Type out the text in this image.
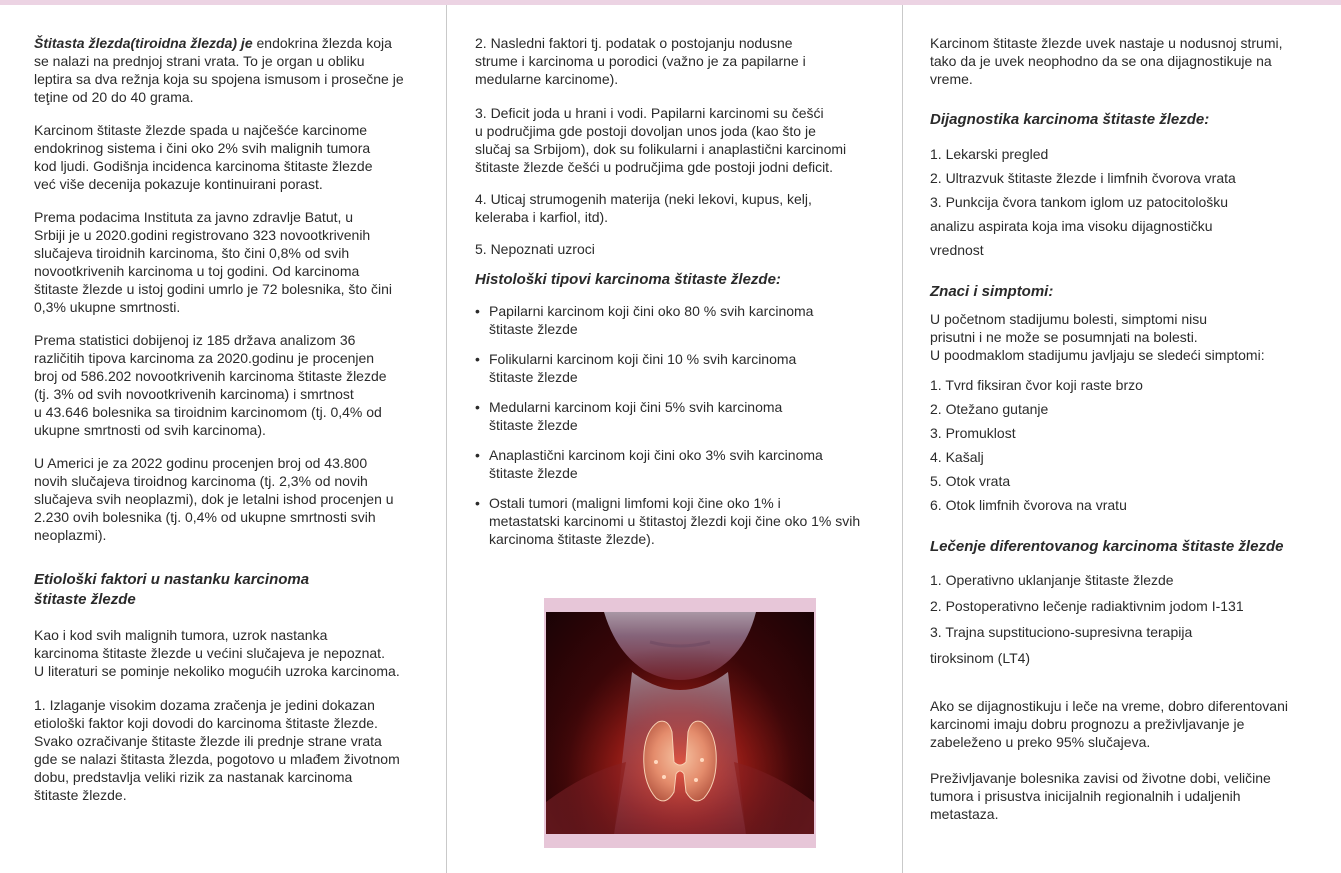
Štitasta žlezda(tiroidna žlezda) je endokrina žlezda koja
se nalazi na prednjoj strani vrata. To je organ u obliku
leptira sa dva režnja koja su spojena ismusom i prosečne je
teţine od 20 do 40 grama.

Karcinom štitaste žlezde spada u najčešće karcinome
endokrinog sistema i čini oko 2% svih malignih tumora
kod ljudi. Godišnja incidenca karcinoma štitaste žlezde
već više decenija pokazuje kontinuirani porast.

Prema podacima Instituta za javno zdravlje Batut, u
Srbiji je u 2020.godini registrovano 323 novootkrivenih
slučajeva tiroidnih karcinoma, što čini 0,8% od svih
novootkrivenih karcinoma u toj godini. Od karcinoma
štitaste žlezde u istoj godini umrlo je 72 bolesnika, što čini
0,3% ukupne smrtnosti.

Prema statistici dobijenoj iz 185 država analizom 36
različitih tipova karcinoma za 2020.godinu je procenjen
broj od 586.202 novootkrivenih karcinoma štitaste žlezde
(tj. 3% od svih novootkrivenih karcinoma) i smrtnost
u 43.646 bolesnika sa tiroidnim karcinomom (tj. 0,4% od
ukupne smrtnosti od svih karcinoma).

U Americi je za 2022 godinu procenjen broj od 43.800
novih slučajeva tiroidnog karcinoma (tj. 2,3% od novih
slučajeva svih neoplazmi), dok je letalni ishod procenjen u
2.230 ovih bolesnika (tj. 0,4% od ukupne smrtnosti svih
neoplazmi).

Etiološki faktori u nastanku karcinoma
štitaste žlezde

Kao i kod svih malignih tumora, uzrok nastanka
karcinoma štitaste žlezde u većini slučajeva je nepoznat.
U literaturi se pominje nekoliko mogućih uzroka karcinoma.

1. Izlaganje visokim dozama zračenja je jedini dokazan
etiološki faktor koji dovodi do karcinoma štitaste žlezde.
Svako ozračivanje štitaste žlezde ili prednje strane vrata
gde se nalazi štitasta žlezda, pogotovo u mlađem životnom
dobu, predstavlja veliki rizik za nastanak karcinoma
štitaste žlezde.

2. Naslednі faktori tj. podatak o postojanju nodusne
strume i karcinoma u porodici (važno je za papilarne i
medularne karcinome).

3. Deficit joda u hrani i vodi. Papilarni karcinomi su češći
u područjima gde postoji dovoljan unos joda (kao što je
slučaj sa Srbijom), dok su folikularni i anaplastični karcinomi
štitaste žlezde češći u područjima gde postoji jodni deficit.

4. Uticaj strumogenih materija (neki lekovi, kupus, kelj,
keleraba i karfiol, itd).

5. Nepoznati uzroci

Histološki tipovi karcinoma štitaste žlezde:
• Papilarni karcinom koji čini oko 80 % svih karcinoma
štitaste žlezde

• Folikularni karcinom koji čini 10 % svih karcinoma
štitaste žlezde

• Medularni karcinom koji čini 5% svih karcinoma
štitaste žlezde

• Anaplastični karcinom koji čini oko 3% svih karcinoma
štitaste žlezde

• Ostali tumori (maligni limfomi koji čine oko 1% i
metastatski karcinomi u štitastoj žlezdi koji čine oko 1% svih
karcinoma štitaste žlezde).

Karcinom štitaste žlezde uvek nastaje u nodusnoj strumi,
tako da je uvek neophodno da se ona dijagnostikuje na
vreme.

Dijagnostika karcinoma štitaste žlezde:
1. Lekarski pregled
2. Ultrazvuk štitaste žlezde i limfnih čvorova vrata
3. Punkcija čvora tankom iglom uz patocitološku
analizu aspirata koja ima visoku dijagnostičku
vrednost
Znaci i simptomi:

U početnom stadijumu bolesti, simptomi nisu
prisutni i ne može se posumnjati na bolesti.
U poodmaklom stadijumu javljaju se sledeći simptomi:

1. Tvrd fiksiran čvor koji raste brzo
2. Otežano gutanje
3. Promuklost
4. Kašalj
5. Otok vrata
6. Otok limfnih čvorova na vratu
Lečenje diferentovanog karcinoma štitaste žlezde
1. Operativno uklanjanje štitaste žlezde
2. Postoperativno lečenje radiaktivnim jodom I-131
3. Trajna supstituciono-supresivna terapija
tiroksinom (LT4)

Ako se dijagnostikuju i leče na vreme, dobro diferentovani
karcinomi imaju dobru prognozu a preživljavanje je
zabeleženo u preko 95% slučajeva.

Preživljavanje bolesnika zavisi od životne dobi, veličine
tumora i prisustva inicijalnih regionalnih i udaljenih
metastaza.
